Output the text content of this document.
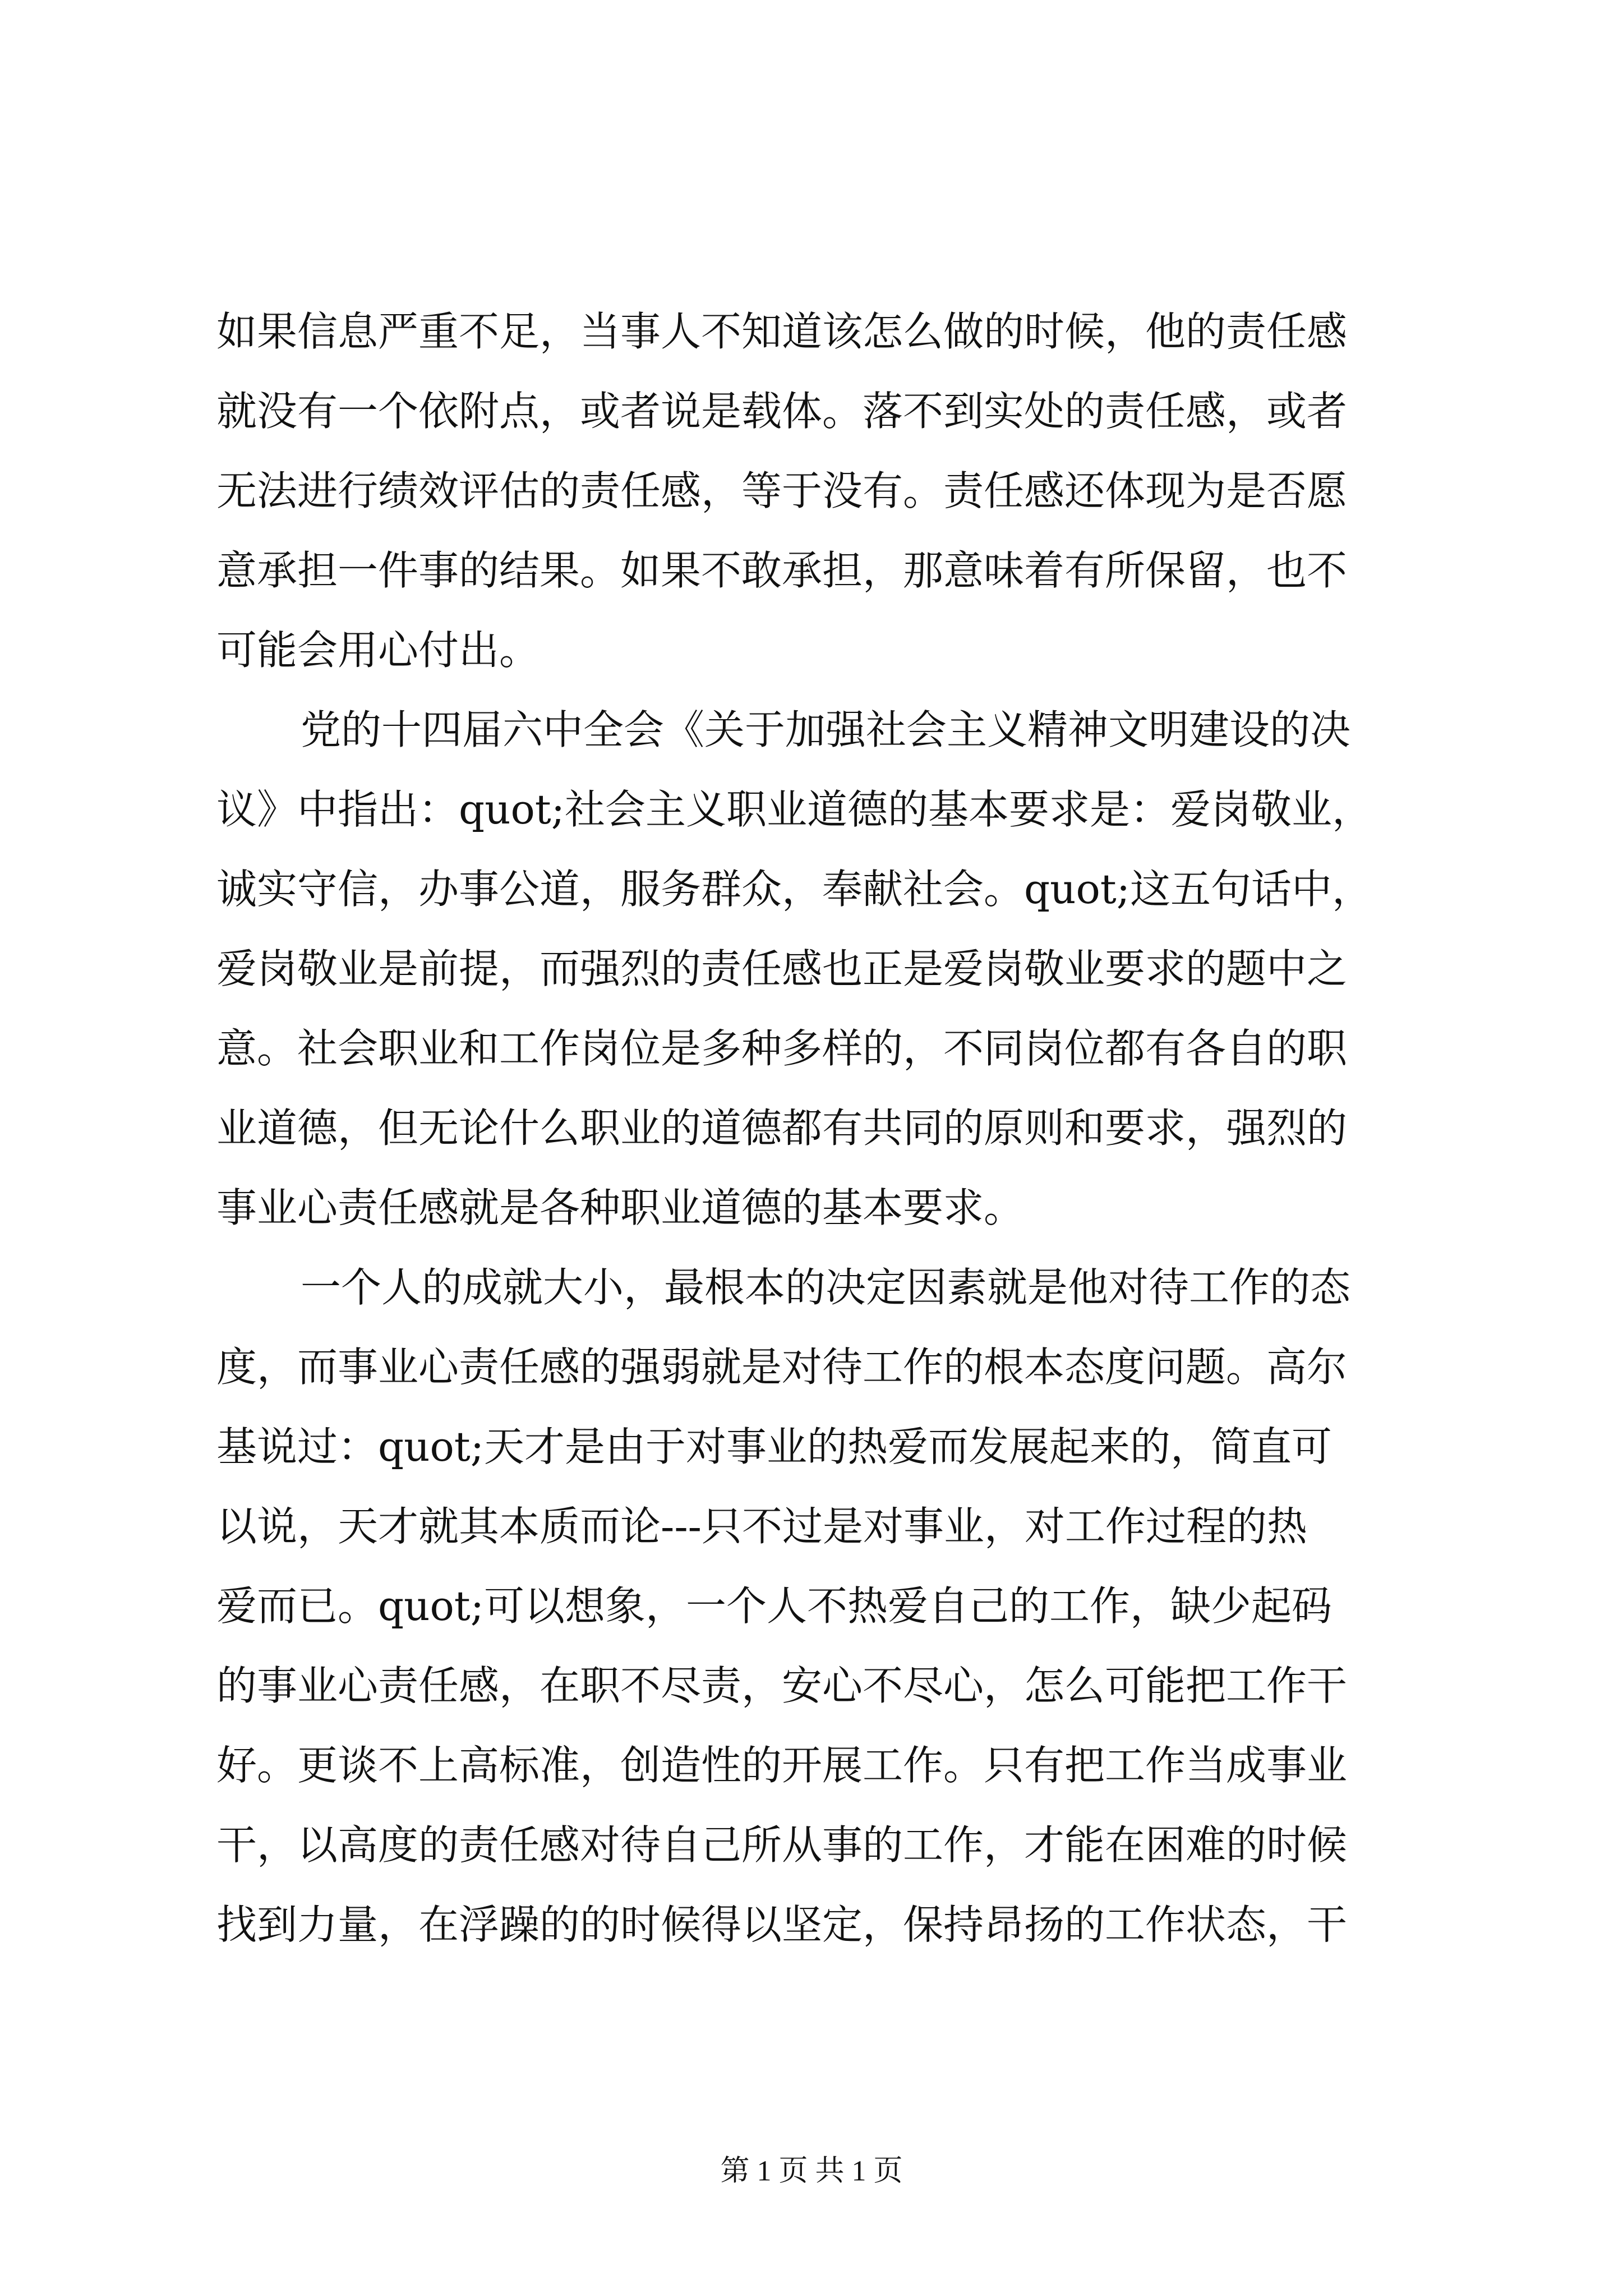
如果信息严重不足，当事人不知道该怎么做的时候，他的责任感
就没有一个依附点，或者说是载体。落不到实处的责任感，或者
无法进行绩效评估的责任感，等于没有。责任感还体现为是否愿
意承担一件事的结果。如果不敢承担，那意味着有所保留，也不
可能会用心付出。
党的十四届六中全会《关于加强社会主义精神文明建设的决
议》中指出：quot;社会主义职业道德的基本要求是：爱岗敬业，
诚实守信，办事公道，服务群众，奉献社会。quot;这五句话中，
爱岗敬业是前提，而强烈的责任感也正是爱岗敬业要求的题中之
意。社会职业和工作岗位是多种多样的，不同岗位都有各自的职
业道德，但无论什么职业的道德都有共同的原则和要求，强烈的
事业心责任感就是各种职业道德的基本要求。
一个人的成就大小，最根本的决定因素就是他对待工作的态
度，而事业心责任感的强弱就是对待工作的根本态度问题。高尔
基说过：quot;天才是由于对事业的热爱而发展起来的，简直可
以说，天才就其本质而论---只不过是对事业，对工作过程的热
爱而已。quot;可以想象，一个人不热爱自己的工作，缺少起码
的事业心责任感，在职不尽责，安心不尽心，怎么可能把工作干
好。更谈不上高标准，创造性的开展工作。只有把工作当成事业
干，以高度的责任感对待自己所从事的工作，才能在困难的时候
找到力量，在浮躁的的时候得以坚定，保持昂扬的工作状态，干
第 1 页 共 1 页
